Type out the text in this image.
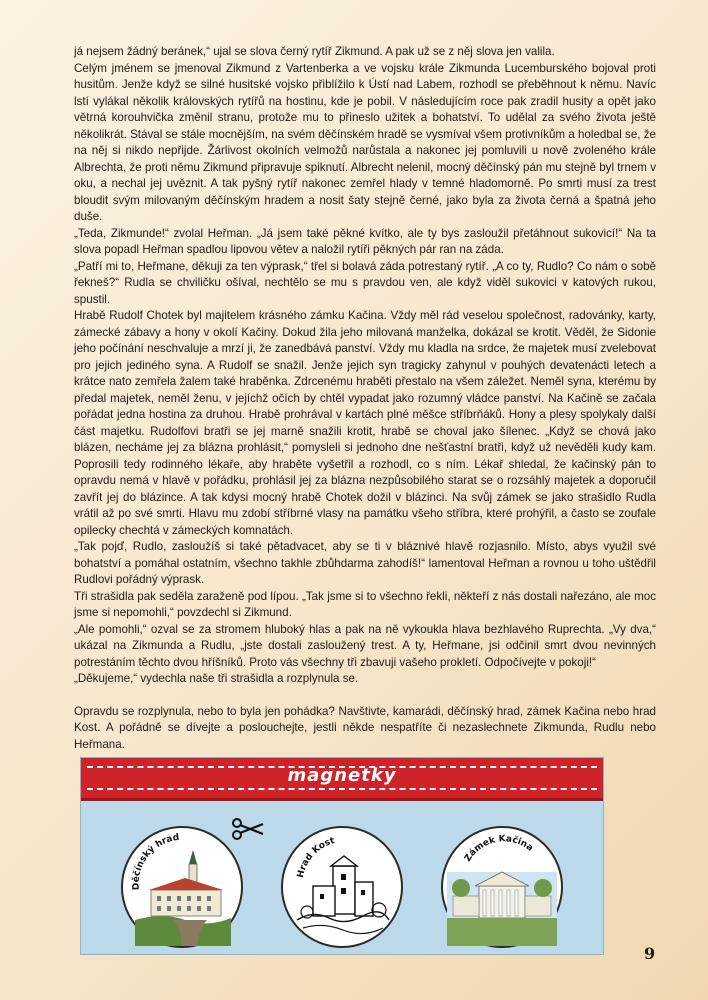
já nejsem žádný beránek,“ ujal se slova černý rytíř Zikmund. A pak už se z něj slova jen valila.

Celým jménem se jmenoval Zikmund z Vartenberka a ve vojsku krále Zikmunda Lucemburského bojoval proti husitům. Jenže když se silné husitské vojsko přiblížilo k Ústí nad Labem, rozhodl se přeběhnout k němu. Navíc lstí vylákal několik královských rytířů na hostinu, kde je pobil. V následujícím roce pak zradil husity a opět jako větrná korouhvička změnil stranu, protože mu to přineslo užitek a bohatství. To udělal za svého života ještě několikrát. Stával se stále mocnějším, na svém děčínském hradě se vysmíval všem protivníkům a holedbal se, že na něj si nikdo nepřijde. Žárlivost okolních velmožů narůstala a nakonec jej pomluvili u nově zvoleného krále Albrechta, že proti němu Zikmund připravuje spiknutí. Albrecht nelenil, mocný děčínský pán mu stejně byl trnem v oku, a nechal jej uvěznit. A tak pyšný rytíř nakonec zemřel hlady v temné hladomorně. Po smrti musí za trest bloudit svým milovaným děčínským hradem a nosit šaty stejně černé, jako byla za života černá a špatná jeho duše.

„Teda, Zikmunde!“ zvolal Heřman. „Já jsem také pěkné kvítko, ale ty bys zasloužil přetáhnout sukovicí!“ Na ta slova popadl Heřman spadlou lipovou větev a naložil rytíři pěkných pár ran na záda.

„Patří mi to, Heřmane, děkuji za ten výprask,“ třel si bolavá záda potrestaný rytíř. „A co ty, Rudlo? Co nám o sobě řekneš?“ Rudla se chviličku ošíval, nechtělo se mu s pravdou ven, ale když viděl sukovici v katových rukou, spustil.

Hrabě Rudolf Chotek byl majitelem krásného zámku Kačina. Vždy měl rád veselou společnost, radovánky, karty, zámecké zábavy a hony v okolí Kačiny. Dokud žila jeho milovaná manželka, dokázal se krotit. Věděl, že Sidonie jeho počínání neschvaluje a mrzí ji, že zanedbává panství. Vždy mu kladla na srdce, že majetek musí zvelebovat pro jejich jediného syna. A Rudolf se snažil. Jenže jejich syn tragicky zahynul v pouhých devatenácti letech a krátce nato zemřela žalem také hraběnka. Zdrcenému hraběti přestalo na všem záležet. Neměl syna, kterému by předal majetek, neměl ženu, v jejíchž očích by chtěl vypadat jako rozumný vládce panství. Na Kačině se začala pořádat jedna hostina za druhou. Hrabě prohrával v kartách plné měšce stříbrňáků. Hony a plesy spolykaly další část majetku. Rudolfovi bratři se jej marně snažili krotit, hrabě se choval jako šílenec. „Když se chová jako blázen, necháme jej za blázna prohlásit,“ pomysleli si jednoho dne nešťastní bratři, když už nevěděli kudy kam. Poprosili tedy rodinného lékaře, aby hraběte vyšetřil a rozhodl, co s ním. Lékař shledal, že kačinský pán to opravdu nemá v hlavě v pořádku, prohlásil jej za blázna nezpůsobilého starat se o rozsáhlý majetek a doporučil zavřít jej do blázince. A tak kdysi mocný hrabě Chotek dožil v blázinci. Na svůj zámek se jako strašidlo Rudla vrátil až po své smrti. Hlavu mu zdobí stříbrné vlasy na památku všeho stříbra, které prohýřil, a často se zoufale opilecky chechtá v zámeckých komnatách.

„Tak pojď, Rudlo, zasloužíš si také pětadvacet, aby se ti v bláznivé hlavě rozjasnilo. Místo, abys využil své bohatství a pomáhal ostatním, všechno takhle zbůhdarma zahodíš!“ lamentoval Heřman a rovnou u toho uštědřil Rudlovi pořádný výprask.

Tři strašidla pak seděla zaraženě pod lípou. „Tak jsme si to všechno řekli, někteří z nás dostali nařezáno, ale moc jsme si nepomohli,“ povzdechl si Zikmund.

„Ale pomohli,“ ozval se za stromem hluboký hlas a pak na ně vykoukla hlava bezhlavého Ruprechta. „Vy dva,“ ukázal na Zikmunda a Rudlu, „jste dostali zasloužený trest. A ty, Heřmane, jsi odčinil smrt dvou nevinných potrestáním těchto dvou hříšníků. Proto vás všechny tři zbavuji vašeho prokletí. Odpočívejte v pokoji!“

„Děkujeme,“ vydechla naše tři strašidla a rozplynula se.

Opravdu se rozplynula, nebo to byla jen pohádka? Navštivte, kamarádi, děčínský hrad, zámek Kačina nebo hrad Kost. A pořádně se dívejte a poslouchejte, jestli někde nespatříte či nezaslechnete Zikmunda, Rudlu nebo Heřmana.

magnetky
Děčínský hrad
Hrad Kost
Zámek Kačina
9
